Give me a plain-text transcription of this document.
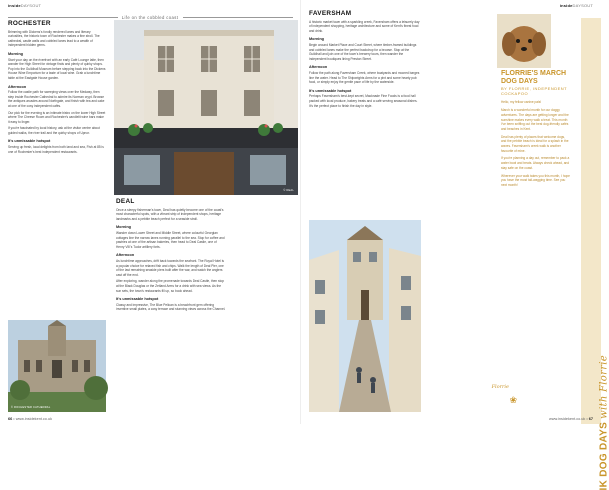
insideDAYSOUT
Life on the cobbled coast
ROCHESTER

Brimming with Dickens's fondly rendered lanes and literary curiosities, the historic town of Rochester makes a fine stroll. The cathedral, castle walls and cobbled lanes lead to a wealth of independent hidden gems.

Morning

Start your day on the riverfront with an early Café Lounge latte, then wander the High Street for vintage finds and plenty of quirky shops. Pop into the Guildhall Museum before stepping back into the Dickens House Wine Emporium for a taste of local wine. Grab a lunchtime table at the Eastgate House garden.

Afternoon

Follow the castle path for sweeping views over the Medway, then step inside Rochester Cathedral to admire its Norman crypt. Browse the antiques arcades around Northgate, and finish with tea and cake at one of the cosy independent cafés.

Our pick for the evening is an intimate bistro on the lower High Street where The Cheese Room and Rochester's candlelit wine bars make it easy to linger.

If you're fascinated by local history, ask at the visitor centre about guided walks, the river trail and the quirky shops of Upnor.

It's unmissable hotspot

Serving up fresh, local delights from both land and sea, Fish at 85 is one of Rochester's best independent restaurants.

© DEAL
DEAL

Once a sleepy fisherman's town, Deal has quietly become one of the coast's most characterful spots, with a vibrant strip of independent shops, heritage landmarks and a pebble beach perfect for a seaside stroll.

Morning

Wander down Lower Street and Middle Street, where colourful Georgian cottages line the narrow lanes running parallel to the sea. Stop for coffee and pastries at one of the artisan bakeries, then head to Deal Castle, one of Henry VIII's Tudor artillery forts.

Afternoon

As lunchtime approaches, drift back towards the seafront. The Royal Hotel is a popular choice for relaxed fish and chips. Walk the length of Deal Pier, one of the last remaining seaside piers built after the war, and watch the anglers cast off the end.

After exploring, wander along the promenade towards Deal Castle, then stop at the Black Douglas or the Zetland Arms for a drink with sea views. As the sun sets, the town's restaurants fill up, so book ahead.

It's unmissable hotspot

Classy and impressive, The Blue Pelican is a beachfront gem offering inventive small plates, a cosy terrace and stunning views across the Channel.

© ROCHESTER CATHEDRAL
66 • www.insidekent.co.uk
insideDAYSOUT
FAVERSHAM

A historic market town with a sparkling creek, Faversham offers a leisurely day of independent shopping, heritage architecture and some of Kent's finest food and drink.

Morning

Begin around Market Place and Court Street, where timber-framed buildings and cobbled lanes make the perfect backdrop for a browse. Stop at the Guildhall and join one of the town's brewery tours, then wander the independent boutiques lining Preston Street.

Afternoon

Follow the path along Faversham Creek, where boatyards and moored barges line the water. Head to The Shipwrights Arms for a pint and some hearty pub food, or simply enjoy the gentle pace of life by the waterside.

It's unmissable hotspot

Perhaps Faversham's best-kept secret, Macknade Fine Foods is a food hall packed with local produce, bakery treats and a café serving seasonal dishes. It's the perfect place to finish the day in style.

FLORRIE'S MARCH DOG DAYS
BY FLORRIE, INDEPENDENT COCKAPOO

Hello, my fellow canine pals!

March is a wonderful month for our doggy adventures. The days are getting longer and the sunshine makes every walk a treat. This month I've been sniffing out the best dog-friendly cafés and beaches in Kent.

Deal has plenty of places that welcome dogs, and the pebble beach is ideal for a splash in the waves. Faversham's creek walk is another favourite of mine.

If you're planning a day out, remember to pack a water bowl and treats. Always check ahead, and stay safe on the coast.

Wherever your walk takes you this month, I hope you have the most tail-wagging time. See you next month!

IK DOG DAYS with Florrie
Florrie
❀
www.insidekent.co.uk • 67
